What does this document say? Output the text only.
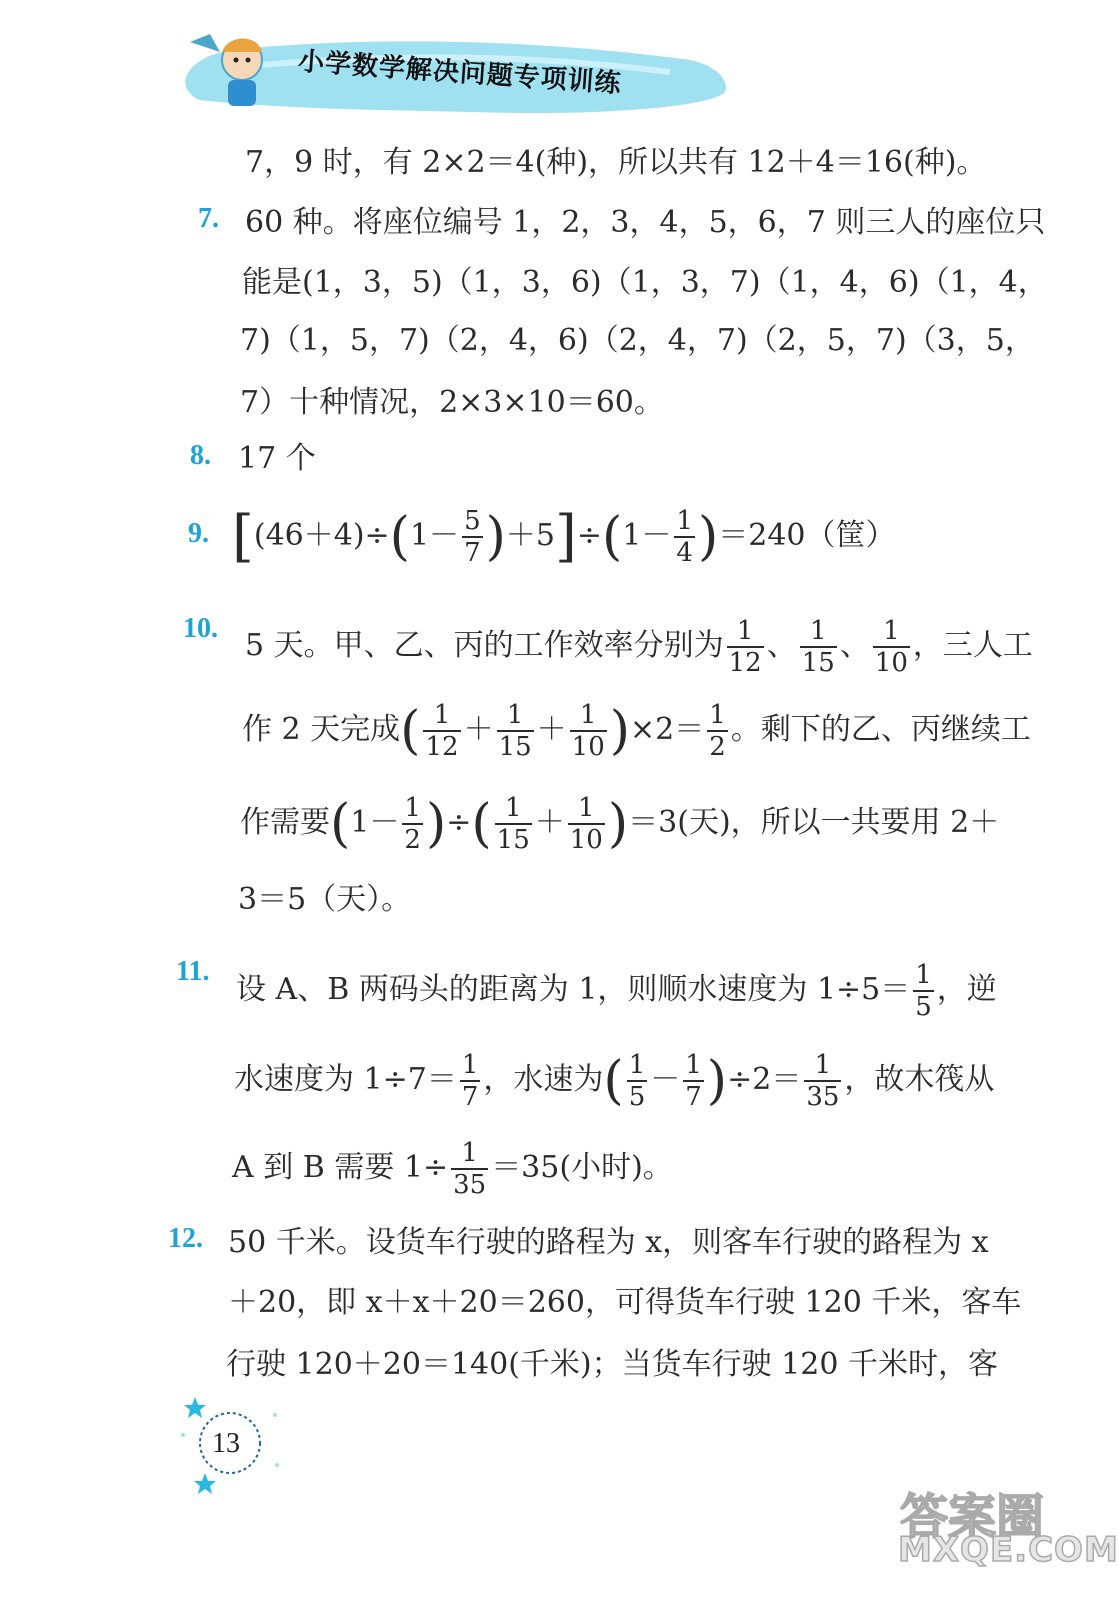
小学数学解决问题专项训练
7，9 时，有 2×2＝4(种)，所以共有 12＋4＝16(种)。
7. 60 种。将座位编号 1，2，3，4，5，6，7 则三人的座位只
能是(1，3，5)（1，3，6)（1，3，7)（1，4，6)（1，4，
7)（1，5，7)（2，4，6)（2，4，7)（2，5，7)（3，5，
7）十种情况，2×3×10＝60。
8. 17 个
9. $[(46+4)\div(1- \frac{5}{7} )+5]\div(1- \frac{1}{4} )=240$（筐）
10. 5 天。甲、乙、丙的工作效率分别为 $\frac{1}{12}$ 、 $\frac{1}{15}$ 、 $\frac{1}{10}$ ，三人工
作 2 天完成( $\frac{1}{12} + \frac{1}{15} + \frac{1}{10} )\times 2= \frac{1}{2}$ 。剩下的乙、丙继续工
作需要($1- \frac{1}{2}$ )÷( $\frac{1}{15} + \frac{1}{10} )=3$(天)，所以一共要用 2＋
3＝5（天）。
11.
设 A、B 两码头的距离为 1，则顺水速度为 $1\div 5= \frac{1}{5}$ ，逆
水速度为 $1\div 7= \frac{1}{7}$ ，水速为( $\frac{1}{5} - \frac{1}{7} )\div 2= \frac{1}{35}$ ，故木筏从
A 到 B 需要 $1\div \frac{1}{35} =35$(小时)。
12. 50 千米。设货车行驶的路程为 x，则客车行驶的路程为 x
＋20，即 x＋x＋20＝260，可得货车行驶 120 千米，客车
行驶 120＋20＝140(千米)；当货车行驶 120 千米时，客
13
答案圈
MXQE.COM
